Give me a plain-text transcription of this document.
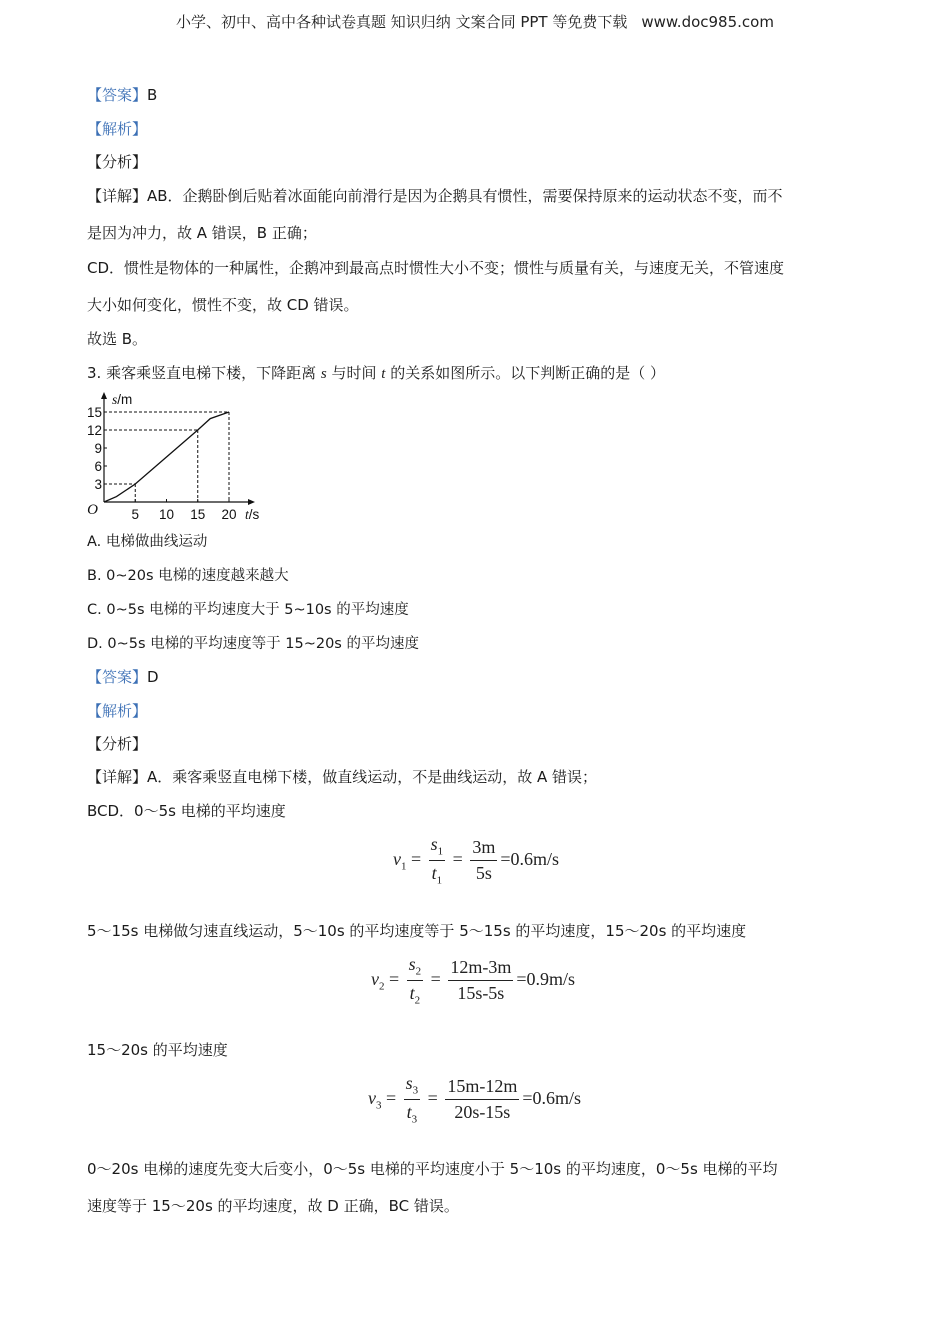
小学、初中、高中各种试卷真题 知识归纳 文案合同 PPT 等免费下载 www.doc985.com
【答案】B
【解析】
【分析】
【详解】AB．企鹅卧倒后贴着冰面能向前滑行是因为企鹅具有惯性，需要保持原来的运动状态不变，而不
是因为冲力，故 A 错误，B 正确；
CD．惯性是物体的一种属性，企鹅冲到最高点时惯性大小不变；惯性与质量有关，与速度无关，不管速度
大小如何变化，惯性不变，故 CD 错误。
故选 B。
3. 乘客乘竖直电梯下楼，下降距离 s 与时间 t 的关系如图所示。以下判断正确的是（ ）
5 10 15 20
3
6
9
12
15
O	t/s
s/m
A. 电梯做曲线运动
B. 0~20s 电梯的速度越来越大
C. 0~5s 电梯的平均速度大于 5~10s 的平均速度
D. 0~5s 电梯的平均速度等于 15~20s 的平均速度
【答案】D
【解析】
【分析】
【详解】A．乘客乘竖直电梯下楼，做直线运动，不是曲线运动，故 A 错误；
BCD．0～5s 电梯的平均速度
$v_1 = \frac{s_1}{t_1} = \frac{3m}{5s} =0.6m/s$
5～15s 电梯做匀速直线运动，5～10s 的平均速度等于 5～15s 的平均速度，15～20s 的平均速度
$v_2 = \frac{s_2}{t_2} = \frac{12m-3m}{15s-5s} =0.9m/s$
15～20s 的平均速度
$v_3 = \frac{s_3}{t_3} = \frac{15m-12m}{20s-15s} =0.6m/s$
0～20s 电梯的速度先变大后变小，0～5s 电梯的平均速度小于 5～10s 的平均速度，0～5s 电梯的平均
速度等于 15～20s 的平均速度，故 D 正确，BC 错误。
